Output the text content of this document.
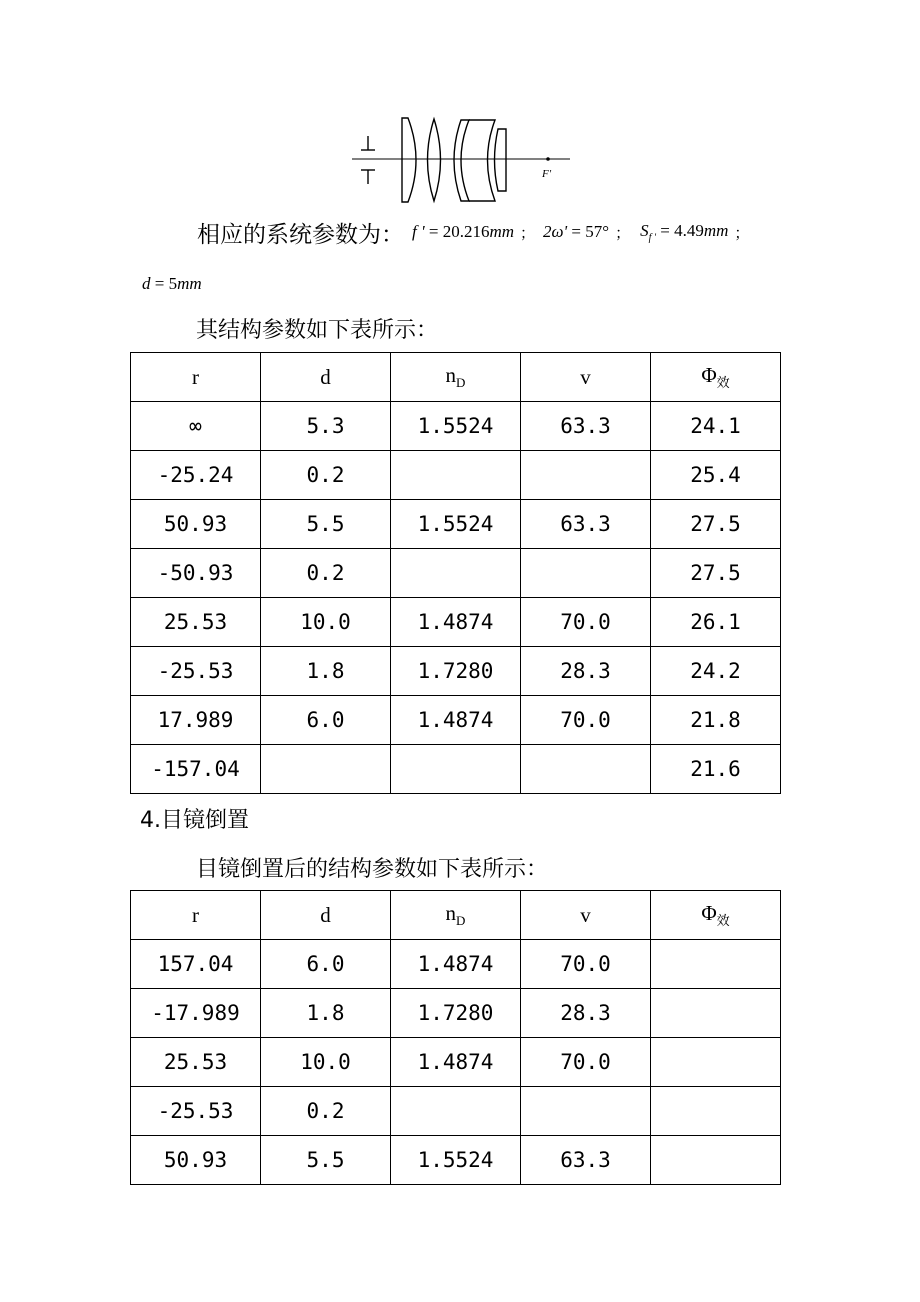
F'
相应的系统参数为： f ' = 20.216mm ； 2ω' = 57° ； $S_{f '} = 4.49mm$ ；
d = 5mm
其结构参数如下表所示：
r	d	$n_D$	v	$\Phi_效$
∞	5.3	1.5524	63.3	24.1
-25.24	0.2			25.4
50.93	5.5	1.5524	63.3	27.5
-50.93	0.2			27.5
25.53	10.0	1.4874	70.0	26.1
-25.53	1.8	1.7280	28.3	24.2
17.989	6.0	1.4874	70.0	21.8
-157.04				21.6
4.目镜倒置
目镜倒置后的结构参数如下表所示：
r	d	$n_D$	v	$\Phi_效$
157.04	6.0	1.4874	70.0	
-17.989	1.8	1.7280	28.3	
25.53	10.0	1.4874	70.0	
-25.53	0.2			
50.93	5.5	1.5524	63.3	
